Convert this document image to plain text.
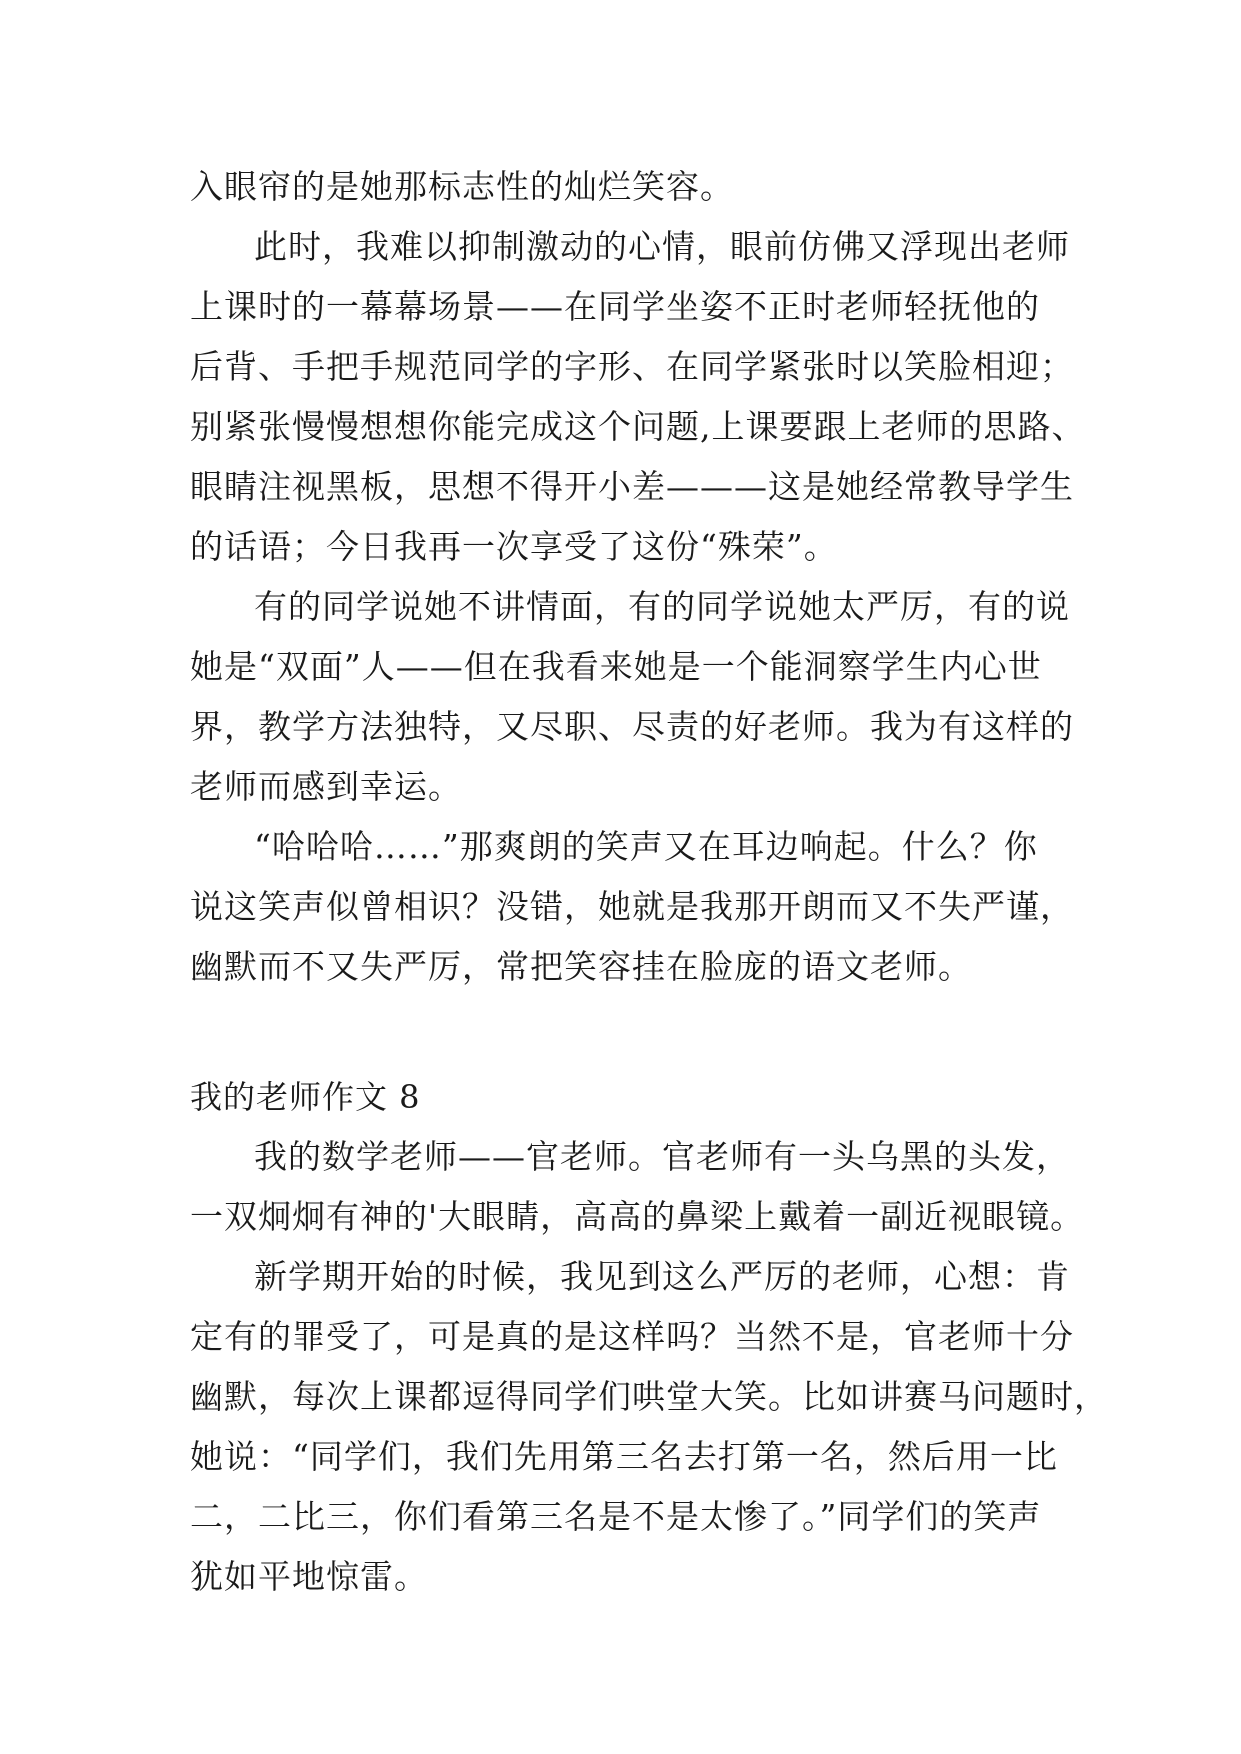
入眼帘的是她那标志性的灿烂笑容。
此时，我难以抑制激动的心情，眼前仿佛又浮现出老师
上课时的一幕幕场景——在同学坐姿不正时老师轻抚他的
后背、手把手规范同学的字形、在同学紧张时以笑脸相迎；
别紧张慢慢想想你能完成这个问题,上课要跟上老师的思路、
眼睛注视黑板，思想不得开小差———这是她经常教导学生
的话语；今日我再一次享受了这份“殊荣”。
有的同学说她不讲情面，有的同学说她太严厉，有的说
她是“双面”人——但在我看来她是一个能洞察学生内心世
界，教学方法独特，又尽职、尽责的好老师。我为有这样的
老师而感到幸运。
“哈哈哈……”那爽朗的笑声又在耳边响起。什么？你
说这笑声似曾相识？没错，她就是我那开朗而又不失严谨，
幽默而不又失严厉，常把笑容挂在脸庞的语文老师。
我的老师作文 8
我的数学老师——官老师。官老师有一头乌黑的头发，
一双炯炯有神的'大眼睛，高高的鼻梁上戴着一副近视眼镜。
新学期开始的时候，我见到这么严厉的老师，心想：肯
定有的罪受了，可是真的是这样吗？当然不是，官老师十分
幽默，每次上课都逗得同学们哄堂大笑。比如讲赛马问题时，
她说：“同学们，我们先用第三名去打第一名，然后用一比
二，二比三，你们看第三名是不是太惨了。”同学们的笑声
犹如平地惊雷。
